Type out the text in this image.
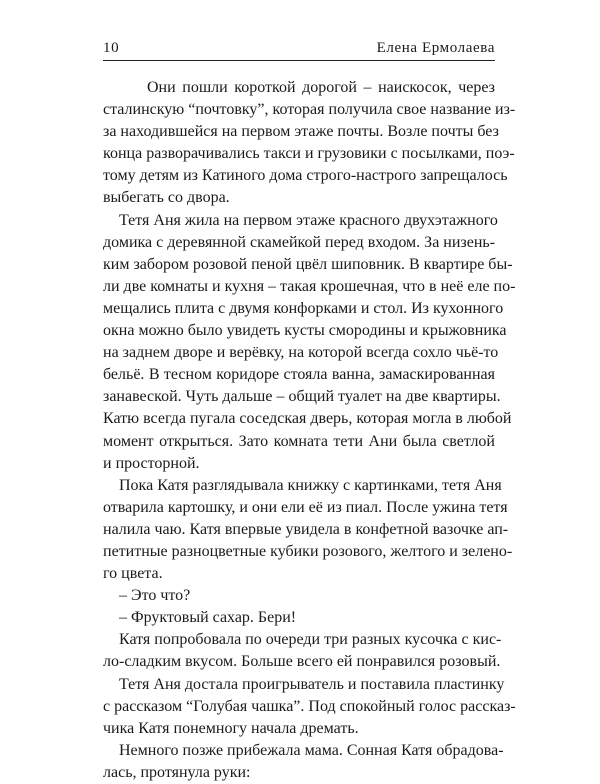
10	Елена Ермолаева
Они пошли короткой дорогой – наискосок, через
сталинскую “почтовку”, которая получила свое название из-
за находившейся на первом этаже почты. Возле почты без
конца разворачивались такси и грузовики с посылками, поэ-
тому детям из Катиного дома строго-настрого запрещалось
выбегать со двора.
Тетя Аня жила на первом этаже красного двухэтажного
домика с деревянной скамейкой перед входом. За низень-
ким забором розовой пеной цвёл шиповник. В квартире бы-
ли две комнаты и кухня – такая крошечная, что в неё еле по-
мещались плита с двумя конфорками и стол. Из кухонного
окна можно было увидеть кусты смородины и крыжовника
на заднем дворе и верёвку, на которой всегда сохло чьё-то
бельё. В тесном коридоре стояла ванна, замаскированная
занавеской. Чуть дальше – общий туалет на две квартиры.
Катю всегда пугала соседская дверь, которая могла в любой
момент открыться. Зато комната тети Ани была светлой
и просторной.
Пока Катя разглядывала книжку с картинками, тетя Аня
отварила картошку, и они ели её из пиал. После ужина тетя
налила чаю. Катя впервые увидела в конфетной вазочке ап-
петитные разноцветные кубики розового, желтого и зелено-
го цвета.
– Это что?
– Фруктовый сахар. Бери!
Катя попробовала по очереди три разных кусочка с кис-
ло-сладким вкусом. Больше всего ей понравился розовый.
Тетя Аня достала проигрыватель и поставила пластинку
с рассказом “Голубая чашка”. Под спокойный голос рассказ-
чика Катя понемногу начала дремать.
Немного позже прибежала мама. Сонная Катя обрадова-
лась, протянула руки:
